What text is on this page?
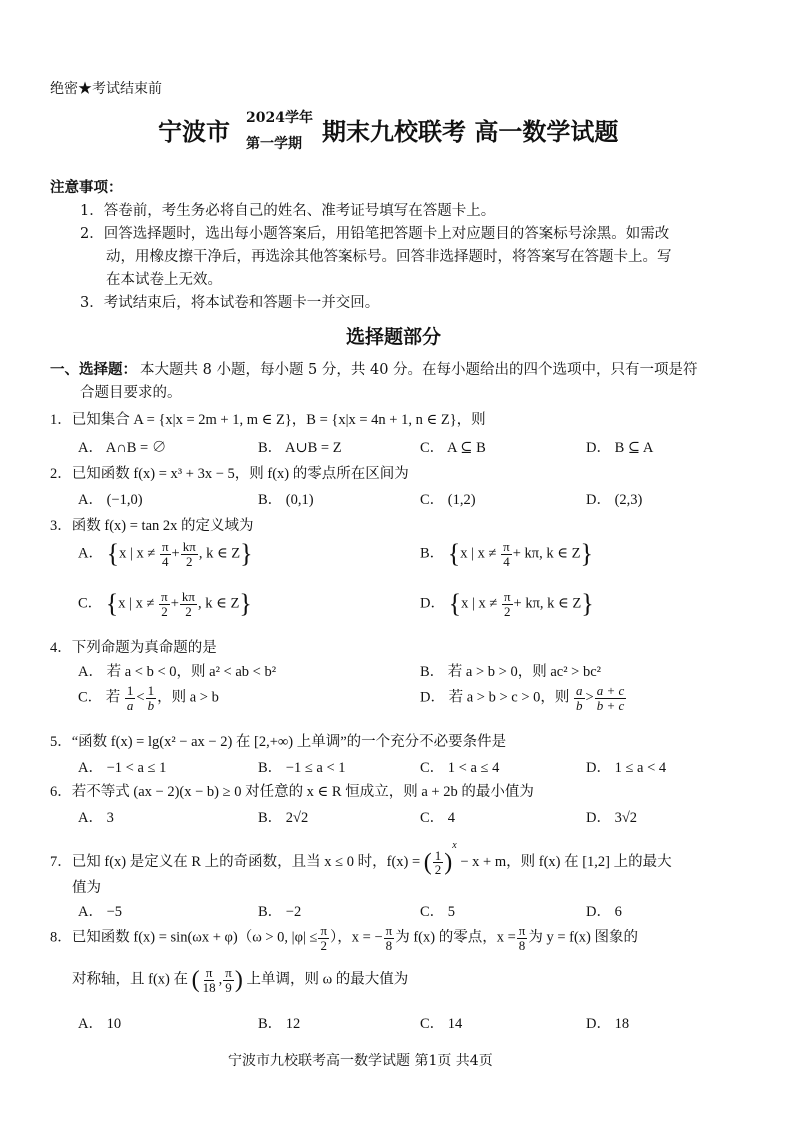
绝密★考试结束前
宁波市 2024学年
第一学期 期末九校联考 高一数学试题
注意事项：
1．答卷前，考生务必将自己的姓名、准考证号填写在答题卡上。
2．回答选择题时，选出每小题答案后，用铅笔把答题卡上对应题目的答案标号涂黑。如需改
动，用橡皮擦干净后，再选涂其他答案标号。回答非选择题时，将答案写在答题卡上。写
在本试卷上无效。
3．考试结束后，将本试卷和答题卡一并交回。
选择题部分
一、选择题： 本大题共 8 小题，每小题 5 分，共 40 分。在每小题给出的四个选项中，只有一项是符
合题目要求的。
1．已知集合 A = {x|x = 2m + 1, m ∈ Z}，B = {x|x = 4n + 1, n ∈ Z}，则
A． A∩B = ∅	B． A∪B = Z	C． A ⊆ B	D． B ⊆ A
2．已知函数 f(x) = x³ + 3x − 5，则 f(x) 的零点所在区间为
A． (−1,0)	B． (0,1)	C． (1,2)	D． (2,3)
3．函数 f(x) = tan 2x 的定义域为
A． {x | $x \ne \frac{\pi}{4} + \frac{k\pi}{2}$ , k ∈ Z}	B． {x | $x \ne \frac{\pi}{4} + k\pi$, k ∈ Z}
C． {x | $x \ne \frac{\pi}{2} + \frac{k\pi}{2}$ , k ∈ Z}	D． {x | $x \ne \frac{\pi}{2} + k\pi$, k ∈ Z}
4．下列命题为真命题的是
A． 若 a < b < 0，则 a² < ab < b²	B． 若 a > b > 0，则 ac² > bc²
C． 若 $\frac{1}{a} < \frac{1}{b}$ ，则 a > b	D． 若 a > b > c > 0，则 $\frac{a}{b} > \frac{a + c}{b + c}$
5．“函数 f(x) = lg(x² − ax − 2) 在 [2,+∞) 上单调”的一个充分不必要条件是
A． −1 < a ≤ 1	B． −1 ≤ a < 1	C． 1 < a ≤ 4	D． 1 ≤ a < 4
6．若不等式 (ax − 2)(x − b) ≥ 0 对任意的 x ∈ R 恒成立，则 a + 2b 的最小值为
A． 3	B． 2√2	C． 4	D． 3√2
7．已知 f(x) 是定义在 R 上的奇函数，且当 x ≤ 0 时，f(x) = ( $\frac{1}{2} )^x - x + m$，则 f(x) 在 [1,2] 上的最大
值为
A． −5	B． −2	C． 5	D． 6
8．已知函数 f(x) = sin(ωx + φ)（ω > 0, $|\varphi| \le \frac{\pi}{2}$ ），x = − $\frac{\pi}{8}$ 为 f(x) 的零点，$x = \frac{\pi}{8}$ 为 y = f(x) 图象的
对称轴，且 f(x) 在 ( $\frac{\pi}{18}$ , $\frac{\pi}{9}$ ) 上单调，则 ω 的最大值为
A． 10	B． 12	C． 14	D． 18
宁波市九校联考高一数学试题 第1页 共4页
